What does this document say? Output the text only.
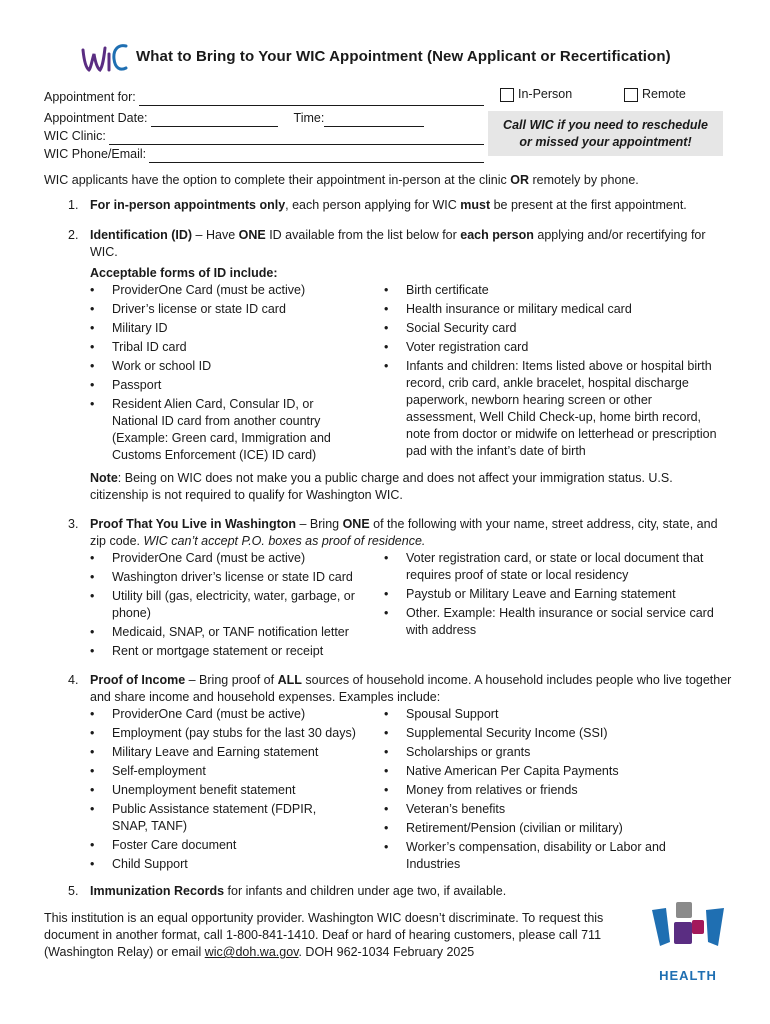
What to Bring to Your WIC Appointment (New Applicant or Recertification)
Appointment for:
Appointment Date:	Time:
WIC Clinic:
WIC Phone/Email:
In-Person	Remote
Call WIC if you need to reschedule
or missed your appointment!

WIC applicants have the option to complete their appointment in-person at the clinic OR remotely by phone.

1. For in-person appointments only, each person applying for WIC must be present at the first appointment.

2. Identification (ID) – Have ONE ID available from the list below for each person applying and/or recertifying for WIC.

Acceptable forms of ID include:

• ProviderOne Card (must be active)
• Driver’s license or state ID card
• Military ID
• Tribal ID card
• Work or school ID
• Passport
• Resident Alien Card, Consular ID, or National ID card from another country (Example: Green card, Immigration and Customs Enforcement (ICE) ID card)
• Birth certificate
• Health insurance or military medical card
• Social Security card
• Voter registration card
• Infants and children: Items listed above or hospital birth record, crib card, ankle bracelet, hospital discharge paperwork, newborn hearing screen or other assessment, Well Child Check-up, home birth record, note from doctor or midwife on letterhead or prescription pad with the infant’s date of birth

Note: Being on WIC does not make you a public charge and does not affect your immigration status. U.S. citizenship is not required to qualify for Washington WIC.

3. Proof That You Live in Washington – Bring ONE of the following with your name, street address, city, state, and zip code. WIC can’t accept P.O. boxes as proof of residence.

• ProviderOne Card (must be active)
• Washington driver’s license or state ID card
• Utility bill (gas, electricity, water, garbage, or phone)
• Medicaid, SNAP, or TANF notification letter
• Rent or mortgage statement or receipt
• Voter registration card, or state or local document that requires proof of state or local residency
• Paystub or Military Leave and Earning statement
• Other. Example: Health insurance or social service card with address
4. Proof of Income – Bring proof of ALL sources of household income. A household includes people who live together and share income and household expenses. Examples include:

• ProviderOne Card (must be active)
• Employment (pay stubs for the last 30 days)
• Military Leave and Earning statement
• Self-employment
• Unemployment benefit statement
• Public Assistance statement (FDPIR, SNAP, TANF)
• Foster Care document
• Child Support
• Spousal Support
• Supplemental Security Income (SSI)
• Scholarships or grants
• Native American Per Capita Payments
• Money from relatives or friends
• Veteran’s benefits
• Retirement/Pension (civilian or military)
• Worker’s compensation, disability or Labor and Industries
5. Immunization Records for infants and children under age two, if available.

This institution is an equal opportunity provider. Washington WIC doesn’t discriminate. To request this document in another format, call 1-800-841-1410. Deaf or hard of hearing customers, please call 711 (Washington Relay) or email wic@doh.wa.gov. DOH 962-1034 February 2025

HEALTH
